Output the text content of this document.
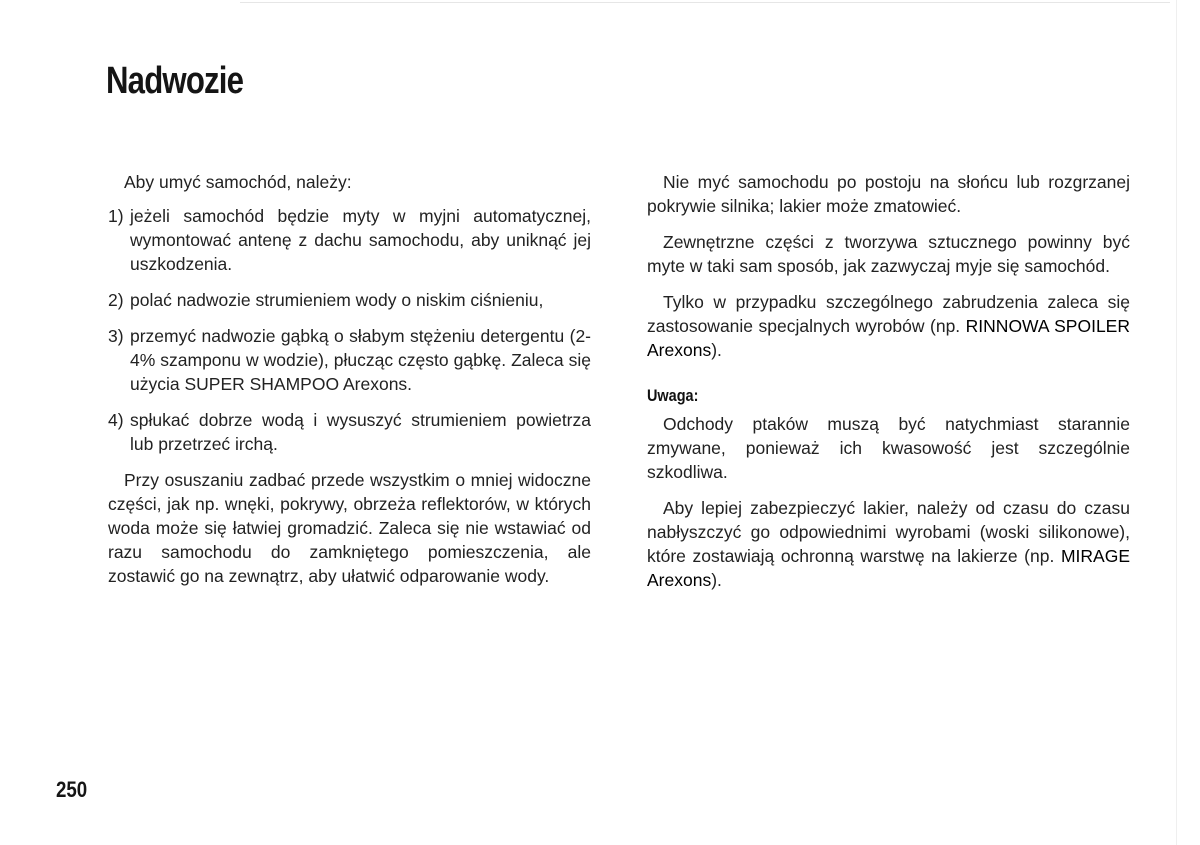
Nadwozie

Aby umyć samochód, należy:

1) jeżeli samochód będzie myty w myjni automatycznej, wymontować antenę z dachu samochodu, aby uniknąć jej uszkodzenia.
2) polać nadwozie strumieniem wody o niskim ciśnieniu,
3) przemyć nadwozie gąbką o słabym stężeniu detergentu (2-4% szamponu w wodzie), płucząc często gąbkę. Zaleca się użycia SUPER SHAMPOO Arexons.
4) spłukać dobrze wodą i wysuszyć strumieniem powietrza lub przetrzeć irchą.

Przy osuszaniu zadbać przede wszystkim o mniej widoczne części, jak np. wnęki, pokrywy, obrzeża reflektorów, w których woda może się łatwiej gromadzić. Zaleca się nie wstawiać od razu samochodu do zamkniętego pomieszczenia, ale zostawić go na zewnątrz, aby ułatwić odparowanie wody.

Nie myć samochodu po postoju na słońcu lub rozgrzanej pokrywie silnika; lakier może zmatowieć.

Zewnętrzne części z tworzywa sztucznego powinny być myte w taki sam sposób, jak zazwyczaj myje się samochód.

Tylko w przypadku szczególnego zabrudzenia zaleca się zastosowanie specjalnych wyrobów (np. RINNOWA SPOILER Arexons).

Uwaga:

Odchody ptaków muszą być natychmiast starannie zmywane, ponieważ ich kwasowość jest szczególnie szkodliwa.

Aby lepiej zabezpieczyć lakier, należy od czasu do czasu nabłyszczyć go odpowiednimi wyrobami (woski silikonowe), które zostawiają ochronną warstwę na lakierze (np. MIRAGE Arexons).

250
